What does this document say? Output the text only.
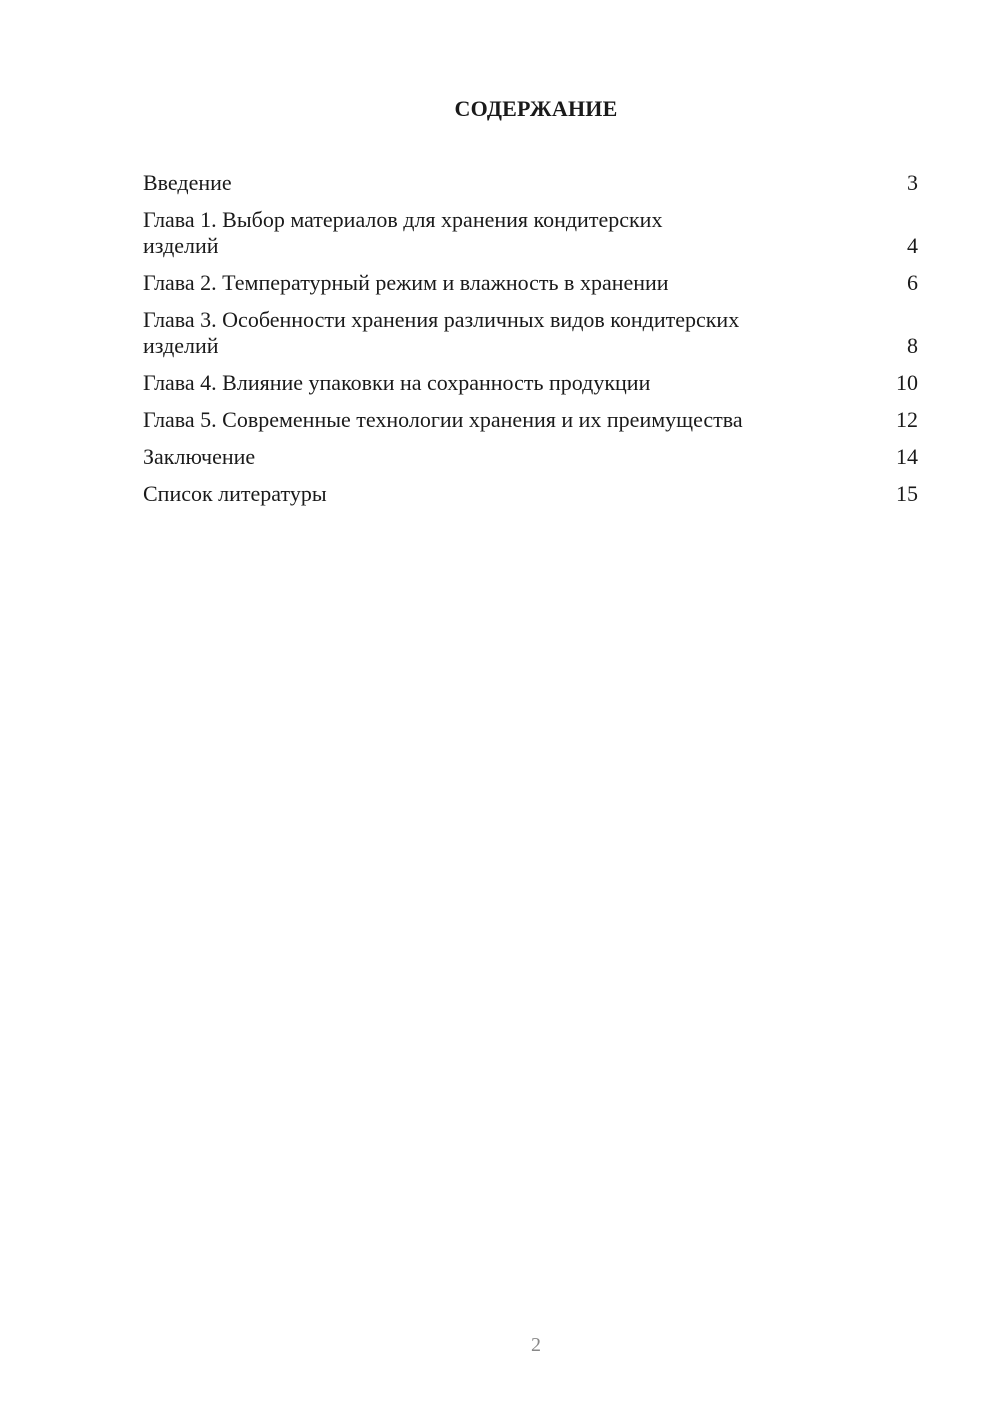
СОДЕРЖАНИЕ
Введение	3
Глава 1. Выбор материалов для хранения кондитерских
изделий	4
Глава 2. Температурный режим и влажность в хранении	6
Глава 3. Особенности хранения различных видов кондитерских
изделий	8
Глава 4. Влияние упаковки на сохранность продукции	10
Глава 5. Современные технологии хранения и их преимущества	12
Заключение	14
Список литературы	15
2
